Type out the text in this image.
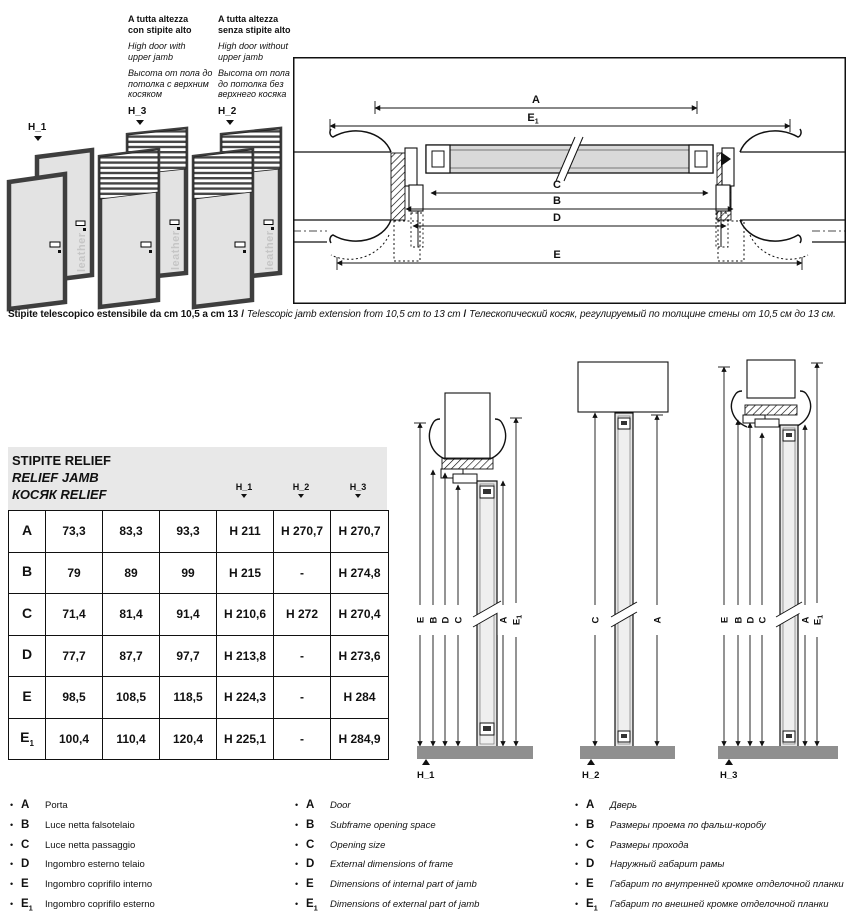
A tutta altezza
con stipite alto
High door with
upper jamb
Высота от пола до
потолка с верхним
косяком
H_3
A tutta altezza
senza stipite alto
High door without
upper jamb
Высота от пола
до потолка без
верхнего косяка
H_2
H_1
leather	leather	leather
A
$E_1$
C
B
D
E
Stipite telescopico estensibile da cm 10,5 a cm 13 / Telescopic jamb extension from 10,5 cm to 13 cm / Телескопический косяк, регулируемый по толщине стены от 10,5 см до 13 см.
STIPITE RELIEF
RELIEF JAMB
КОСЯК RELIEF	H_1	H_2	H_3
A	73,3	83,3	93,3	H 211	H 270,7	H 270,7
B	79	89	99	H 215	-	H 274,8
C	71,4	81,4	91,4	H 210,6	H 272	H 270,4
D	77,7	87,7	97,7	H 213,8	-	H 273,6
E	98,5	108,5	118,5	H 224,3	-	H 284
$E_1$	100,4	110,4	120,4	H 225,1	-	H 284,9
E B D C	A $E_1$
H_1
C	A
H_2
E B D C	A $E_1$
H_3
• A	Porta
• B	Luce netta falsotelaio
• C	Luce netta passaggio
• D	Ingombro esterno telaio
• E	Ingombro coprifilo interno
• $E_1$	Ingombro coprifilo esterno
• A	Door
• B	Subframe opening space
• C	Opening size
• D	External dimensions of frame
• E	Dimensions of internal part of jamb
• $E_1$	Dimensions of external part of jamb
• A	Дверь
• B	Размеры проема по фальш-коробу
• C	Размеры прохода
• D	Наружный габарит рамы
• E	Габарит по внутренней кромке отделочной планки
• $E_1$	Габарит по внешней кромке отделочной планки
